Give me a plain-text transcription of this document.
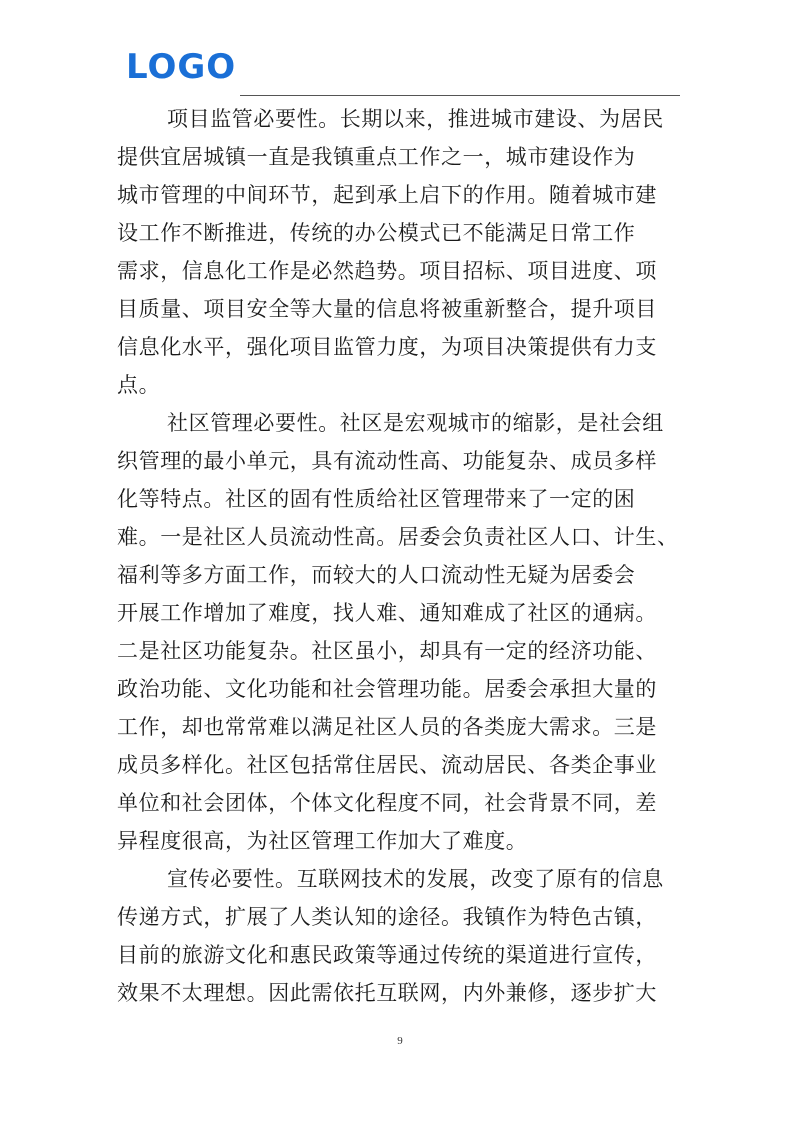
LOGO
项目监管必要性。长期以来，推进城市建设、为居民
提供宜居城镇一直是我镇重点工作之一，城市建设作为
城市管理的中间环节，起到承上启下的作用。随着城市建
设工作不断推进，传统的办公模式已不能满足日常工作
需求，信息化工作是必然趋势。项目招标、项目进度、项
目质量、项目安全等大量的信息将被重新整合，提升项目
信息化水平，强化项目监管力度，为项目决策提供有力支
点。
社区管理必要性。社区是宏观城市的缩影，是社会组
织管理的最小单元，具有流动性高、功能复杂、成员多样
化等特点。社区的固有性质给社区管理带来了一定的困
难。一是社区人员流动性高。居委会负责社区人口、计生、
福利等多方面工作，而较大的人口流动性无疑为居委会
开展工作增加了难度，找人难、通知难成了社区的通病。
二是社区功能复杂。社区虽小，却具有一定的经济功能、
政治功能、文化功能和社会管理功能。居委会承担大量的
工作，却也常常难以满足社区人员的各类庞大需求。三是
成员多样化。社区包括常住居民、流动居民、各类企事业
单位和社会团体，个体文化程度不同，社会背景不同，差
异程度很高，为社区管理工作加大了难度。
宣传必要性。互联网技术的发展，改变了原有的信息
传递方式，扩展了人类认知的途径。我镇作为特色古镇，
目前的旅游文化和惠民政策等通过传统的渠道进行宣传，
效果不太理想。因此需依托互联网，内外兼修，逐步扩大
9
